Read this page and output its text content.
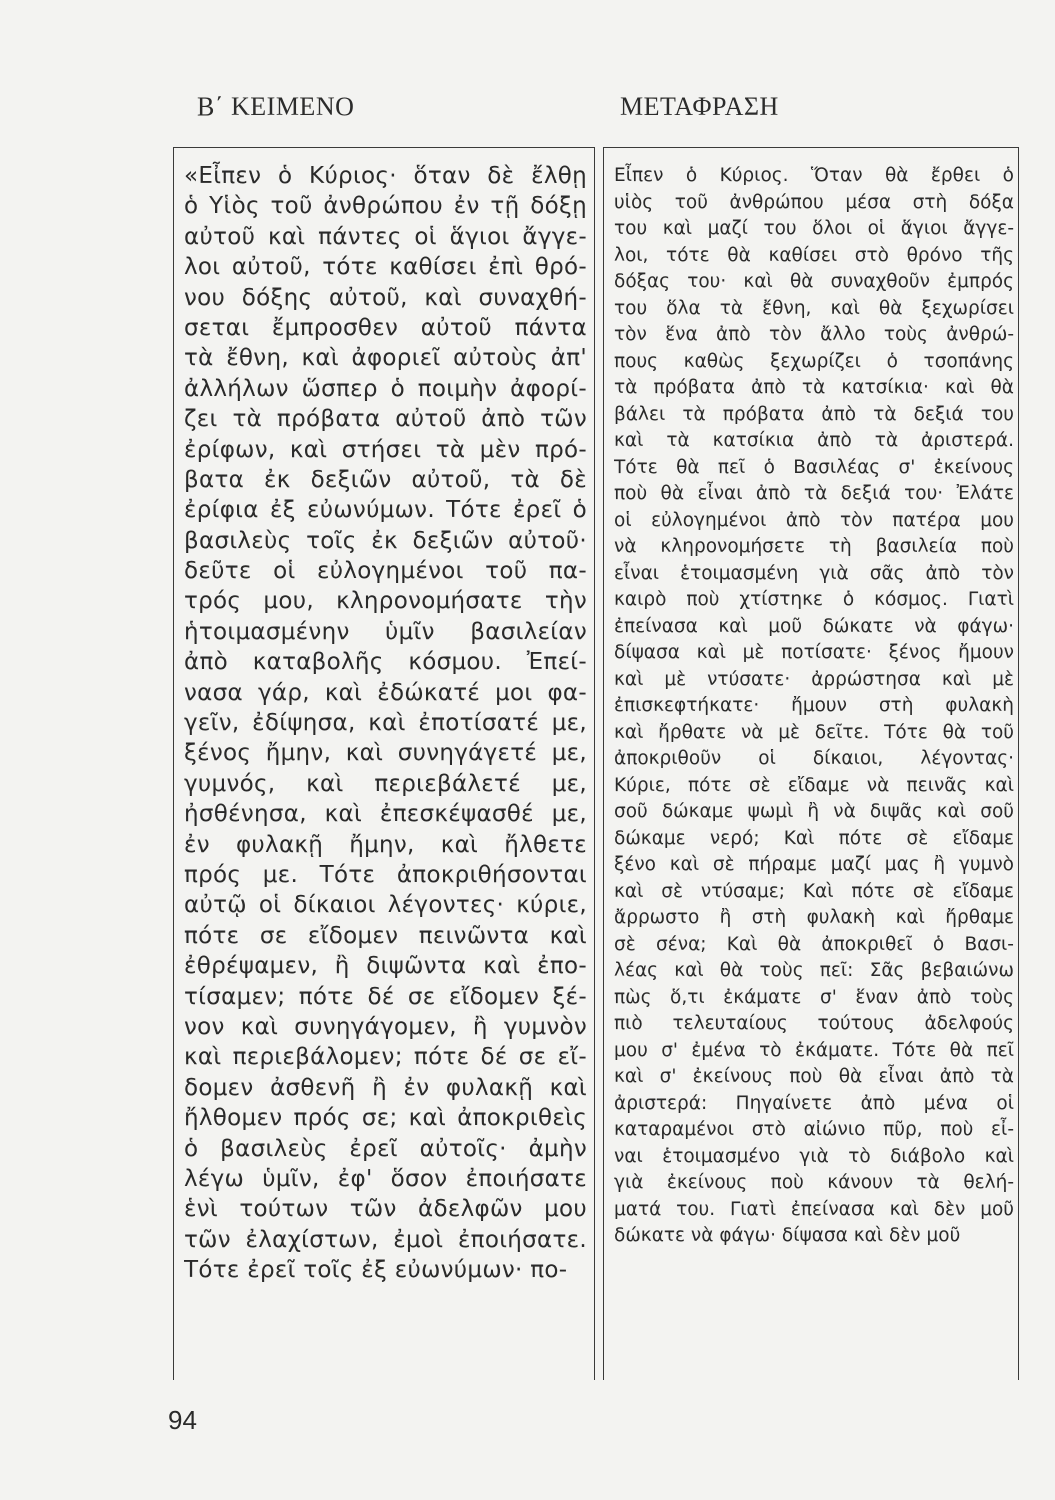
Β΄ ΚΕΙΜΕΝΟ	ΜΕΤΑΦΡΑΣΗ
«Εἶπεν ὁ Κύριος· ὅταν δὲ ἔλθῃ
ὁ Υἱὸς τοῦ ἀνθρώπου ἐν τῇ δόξῃ
αὐτοῦ καὶ πάντες οἱ ἅγιοι ἄγγε-
λοι αὐτοῦ, τότε καθίσει ἐπὶ θρό-
νου δόξης αὐτοῦ, καὶ συναχθή-
σεται ἔμπροσθεν αὐτοῦ πάντα
τὰ ἔθνη, καὶ ἀφοριεῖ αὐτοὺς ἀπ'
ἀλλήλων ὥσπερ ὁ ποιμὴν ἀφορί-
ζει τὰ πρόβατα αὐτοῦ ἀπὸ τῶν
ἐρίφων, καὶ στήσει τὰ μὲν πρό-
βατα ἐκ δεξιῶν αὐτοῦ, τὰ δὲ
ἐρίφια ἐξ εὐωνύμων. Τότε ἐρεῖ ὁ
βασιλεὺς τοῖς ἐκ δεξιῶν αὐτοῦ·
δεῦτε οἱ εὐλογημένοι τοῦ πα-
τρός μου, κληρονομήσατε τὴν
ἡτοιμασμένην ὑμῖν βασιλείαν
ἀπὸ καταβολῆς κόσμου. Ἐπεί-
νασα γάρ, καὶ ἐδώκατέ μοι φα-
γεῖν, ἐδίψησα, καὶ ἐποτίσατέ με,
ξένος ἤμην, καὶ συνηγάγετέ με,
γυμνός, καὶ περιεβάλετέ με,
ἠσθένησα, καὶ ἐπεσκέψασθέ με,
ἐν φυλακῇ ἤμην, καὶ ἤλθετε
πρός με. Τότε ἀποκριθήσονται
αὐτῷ οἱ δίκαιοι λέγοντες· κύριε,
πότε σε εἴδομεν πεινῶντα καὶ
ἐθρέψαμεν, ἢ διψῶντα καὶ ἐπο-
τίσαμεν; πότε δέ σε εἴδομεν ξέ-
νον καὶ συνηγάγομεν, ἢ γυμνὸν
καὶ περιεβάλομεν; πότε δέ σε εἴ-
δομεν ἀσθενῆ ἢ ἐν φυλακῇ καὶ
ἤλθομεν πρός σε; καὶ ἀποκριθεὶς
ὁ βασιλεὺς ἐρεῖ αὐτοῖς· ἀμὴν
λέγω ὑμῖν, ἐφ' ὅσον ἐποιήσατε
ἑνὶ τούτων τῶν ἀδελφῶν μου
τῶν ἐλαχίστων, ἐμοὶ ἐποιήσατε.
Τότε ἐρεῖ τοῖς ἐξ εὐωνύμων· πο-
Εἶπεν ὁ Κύριος. Ὅταν θὰ ἔρθει ὁ
υἱὸς τοῦ ἀνθρώπου μέσα στὴ δόξα
του καὶ μαζί του ὅλοι οἱ ἅγιοι ἄγγε-
λοι, τότε θὰ καθίσει στὸ θρόνο τῆς
δόξας του· καὶ θὰ συναχθοῦν ἐμπρός
του ὅλα τὰ ἔθνη, καὶ θὰ ξεχωρίσει
τὸν ἕνα ἀπὸ τὸν ἄλλο τοὺς ἀνθρώ-
πους καθὼς ξεχωρίζει ὁ τσοπάνης
τὰ πρόβατα ἀπὸ τὰ κατσίκια· καὶ θὰ
βάλει τὰ πρόβατα ἀπὸ τὰ δεξιά του
καὶ τὰ κατσίκια ἀπὸ τὰ ἀριστερά.
Τότε θὰ πεῖ ὁ Βασιλέας σ' ἐκείνους
ποὺ θὰ εἶναι ἀπὸ τὰ δεξιά του· Ἐλάτε
οἱ εὐλογημένοι ἀπὸ τὸν πατέρα μου
νὰ κληρονομήσετε τὴ βασιλεία ποὺ
εἶναι ἑτοιμασμένη γιὰ σᾶς ἀπὸ τὸν
καιρὸ ποὺ χτίστηκε ὁ κόσμος. Γιατὶ
ἐπείνασα καὶ μοῦ δώκατε νὰ φάγω·
δίψασα καὶ μὲ ποτίσατε· ξένος ἤμουν
καὶ μὲ ντύσατε· ἀρρώστησα καὶ μὲ
ἐπισκεφτήκατε· ἤμουν στὴ φυλακὴ
καὶ ἤρθατε νὰ μὲ δεῖτε. Τότε θὰ τοῦ
ἀποκριθοῦν οἱ δίκαιοι, λέγοντας·
Κύριε, πότε σὲ εἴδαμε νὰ πεινᾶς καὶ
σοῦ δώκαμε ψωμὶ ἢ νὰ διψᾶς καὶ σοῦ
δώκαμε νερό; Καὶ πότε σὲ εἴδαμε
ξένο καὶ σὲ πήραμε μαζί μας ἢ γυμνὸ
καὶ σὲ ντύσαμε; Καὶ πότε σὲ εἴδαμε
ἄρρωστο ἢ στὴ φυλακὴ καὶ ἤρθαμε
σὲ σένα; Καὶ θὰ ἀποκριθεῖ ὁ Βασι-
λέας καὶ θὰ τοὺς πεῖ: Σᾶς βεβαιώνω
πὼς ὅ,τι ἐκάματε σ' ἕναν ἀπὸ τοὺς
πιὸ τελευταίους τούτους ἀδελφούς
μου σ' ἐμένα τὸ ἐκάματε. Τότε θὰ πεῖ
καὶ σ' ἐκείνους ποὺ θὰ εἶναι ἀπὸ τὰ
ἀριστερά: Πηγαίνετε ἀπὸ μένα οἱ
καταραμένοι στὸ αἰώνιο πῦρ, ποὺ εἶ-
ναι ἑτοιμασμένο γιὰ τὸ διάβολο καὶ
γιὰ ἐκείνους ποὺ κάνουν τὰ θελή-
ματά του. Γιατὶ ἐπείνασα καὶ δὲν μοῦ
δώκατε νὰ φάγω· δίψασα καὶ δὲν μοῦ
94
